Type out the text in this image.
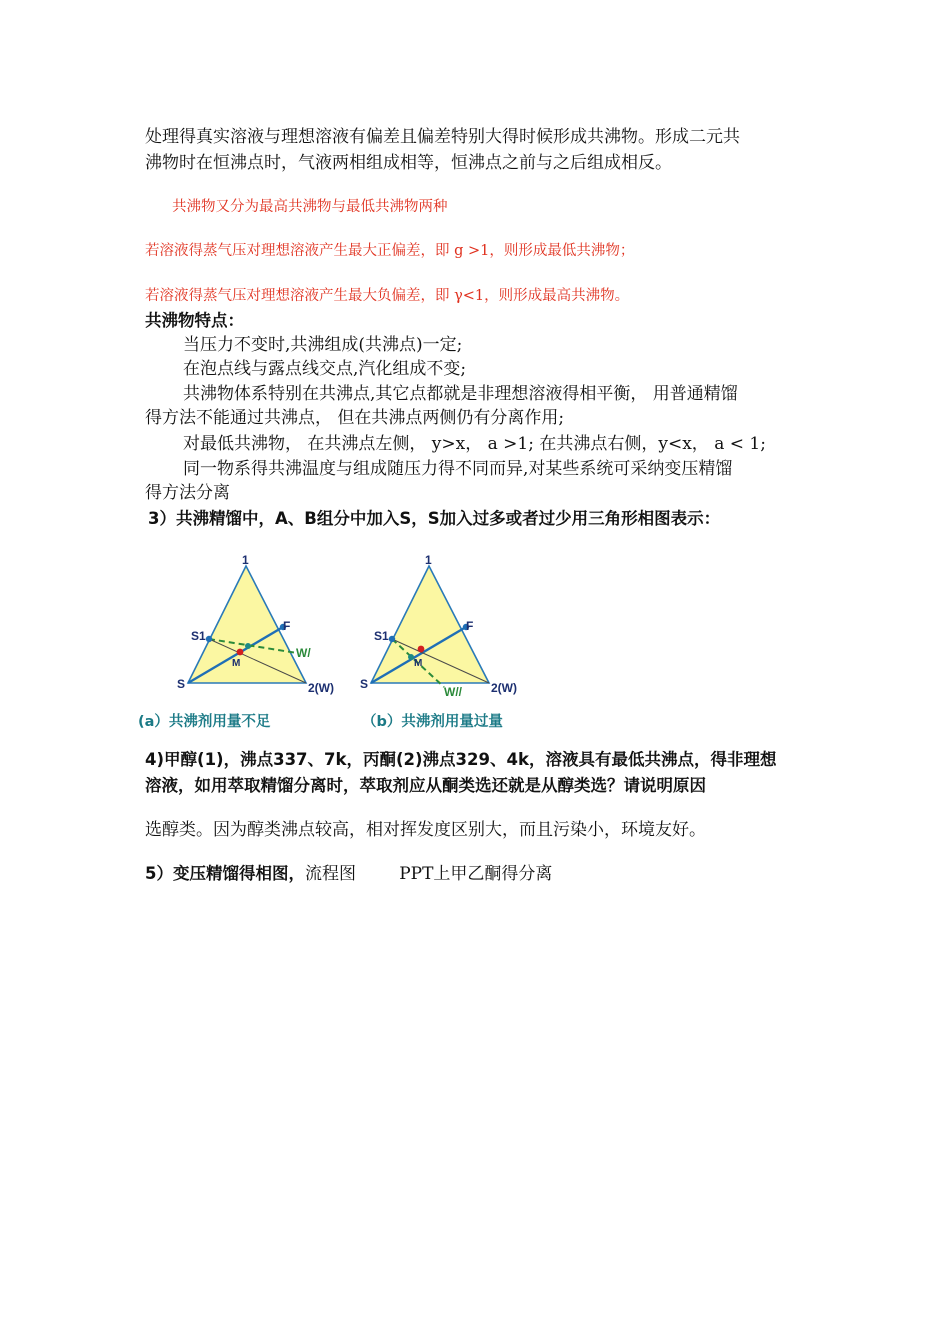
处理得真实溶液与理想溶液有偏差且偏差特别大得时候形成共沸物。形成二元共
沸物时在恒沸点时，气液两相组成相等，恒沸点之前与之后组成相反。
共沸物又分为最高共沸物与最低共沸物两种
若溶液得蒸气压对理想溶液产生最大正偏差，即 g >1，则形成最低共沸物；
若溶液得蒸气压对理想溶液产生最大负偏差，即 γ<1，则形成最高共沸物。
共沸物特点：
当压力不变时,共沸组成(共沸点)一定;
在泡点线与露点线交点,汽化组成不变;
共沸物体系特别在共沸点,其它点都就是非理想溶液得相平衡， 用普通精馏
得方法不能通过共沸点， 但在共沸点两侧仍有分离作用;
对最低共沸物， 在共沸点左侧， y>x， a >1; 在共沸点右侧，y<x， a < 1;
同一物系得共沸温度与组成随压力得不同而异,对某些系统可采纳变压精馏
得方法分离
3）共沸精馏中，A、B组分中加入S，S加入过多或者过少用三角形相图表示：
1
S1
F
W/
M
S	2(W)
(a）共沸剂用量不足
1
S1
F
W//
M
S	2(W)
（b）共沸剂用量过量
4)甲醇(1)，沸点337、7k，丙酮(2)沸点329、4k，溶液具有最低共沸点，得非理想
溶液，如用萃取精馏分离时，萃取剂应从酮类选还就是从醇类选？请说明原因
选醇类。因为醇类沸点较高，相对挥发度区别大，而且污染小，环境友好。
5）变压精馏得相图，流程图        PPT上甲乙酮得分离
